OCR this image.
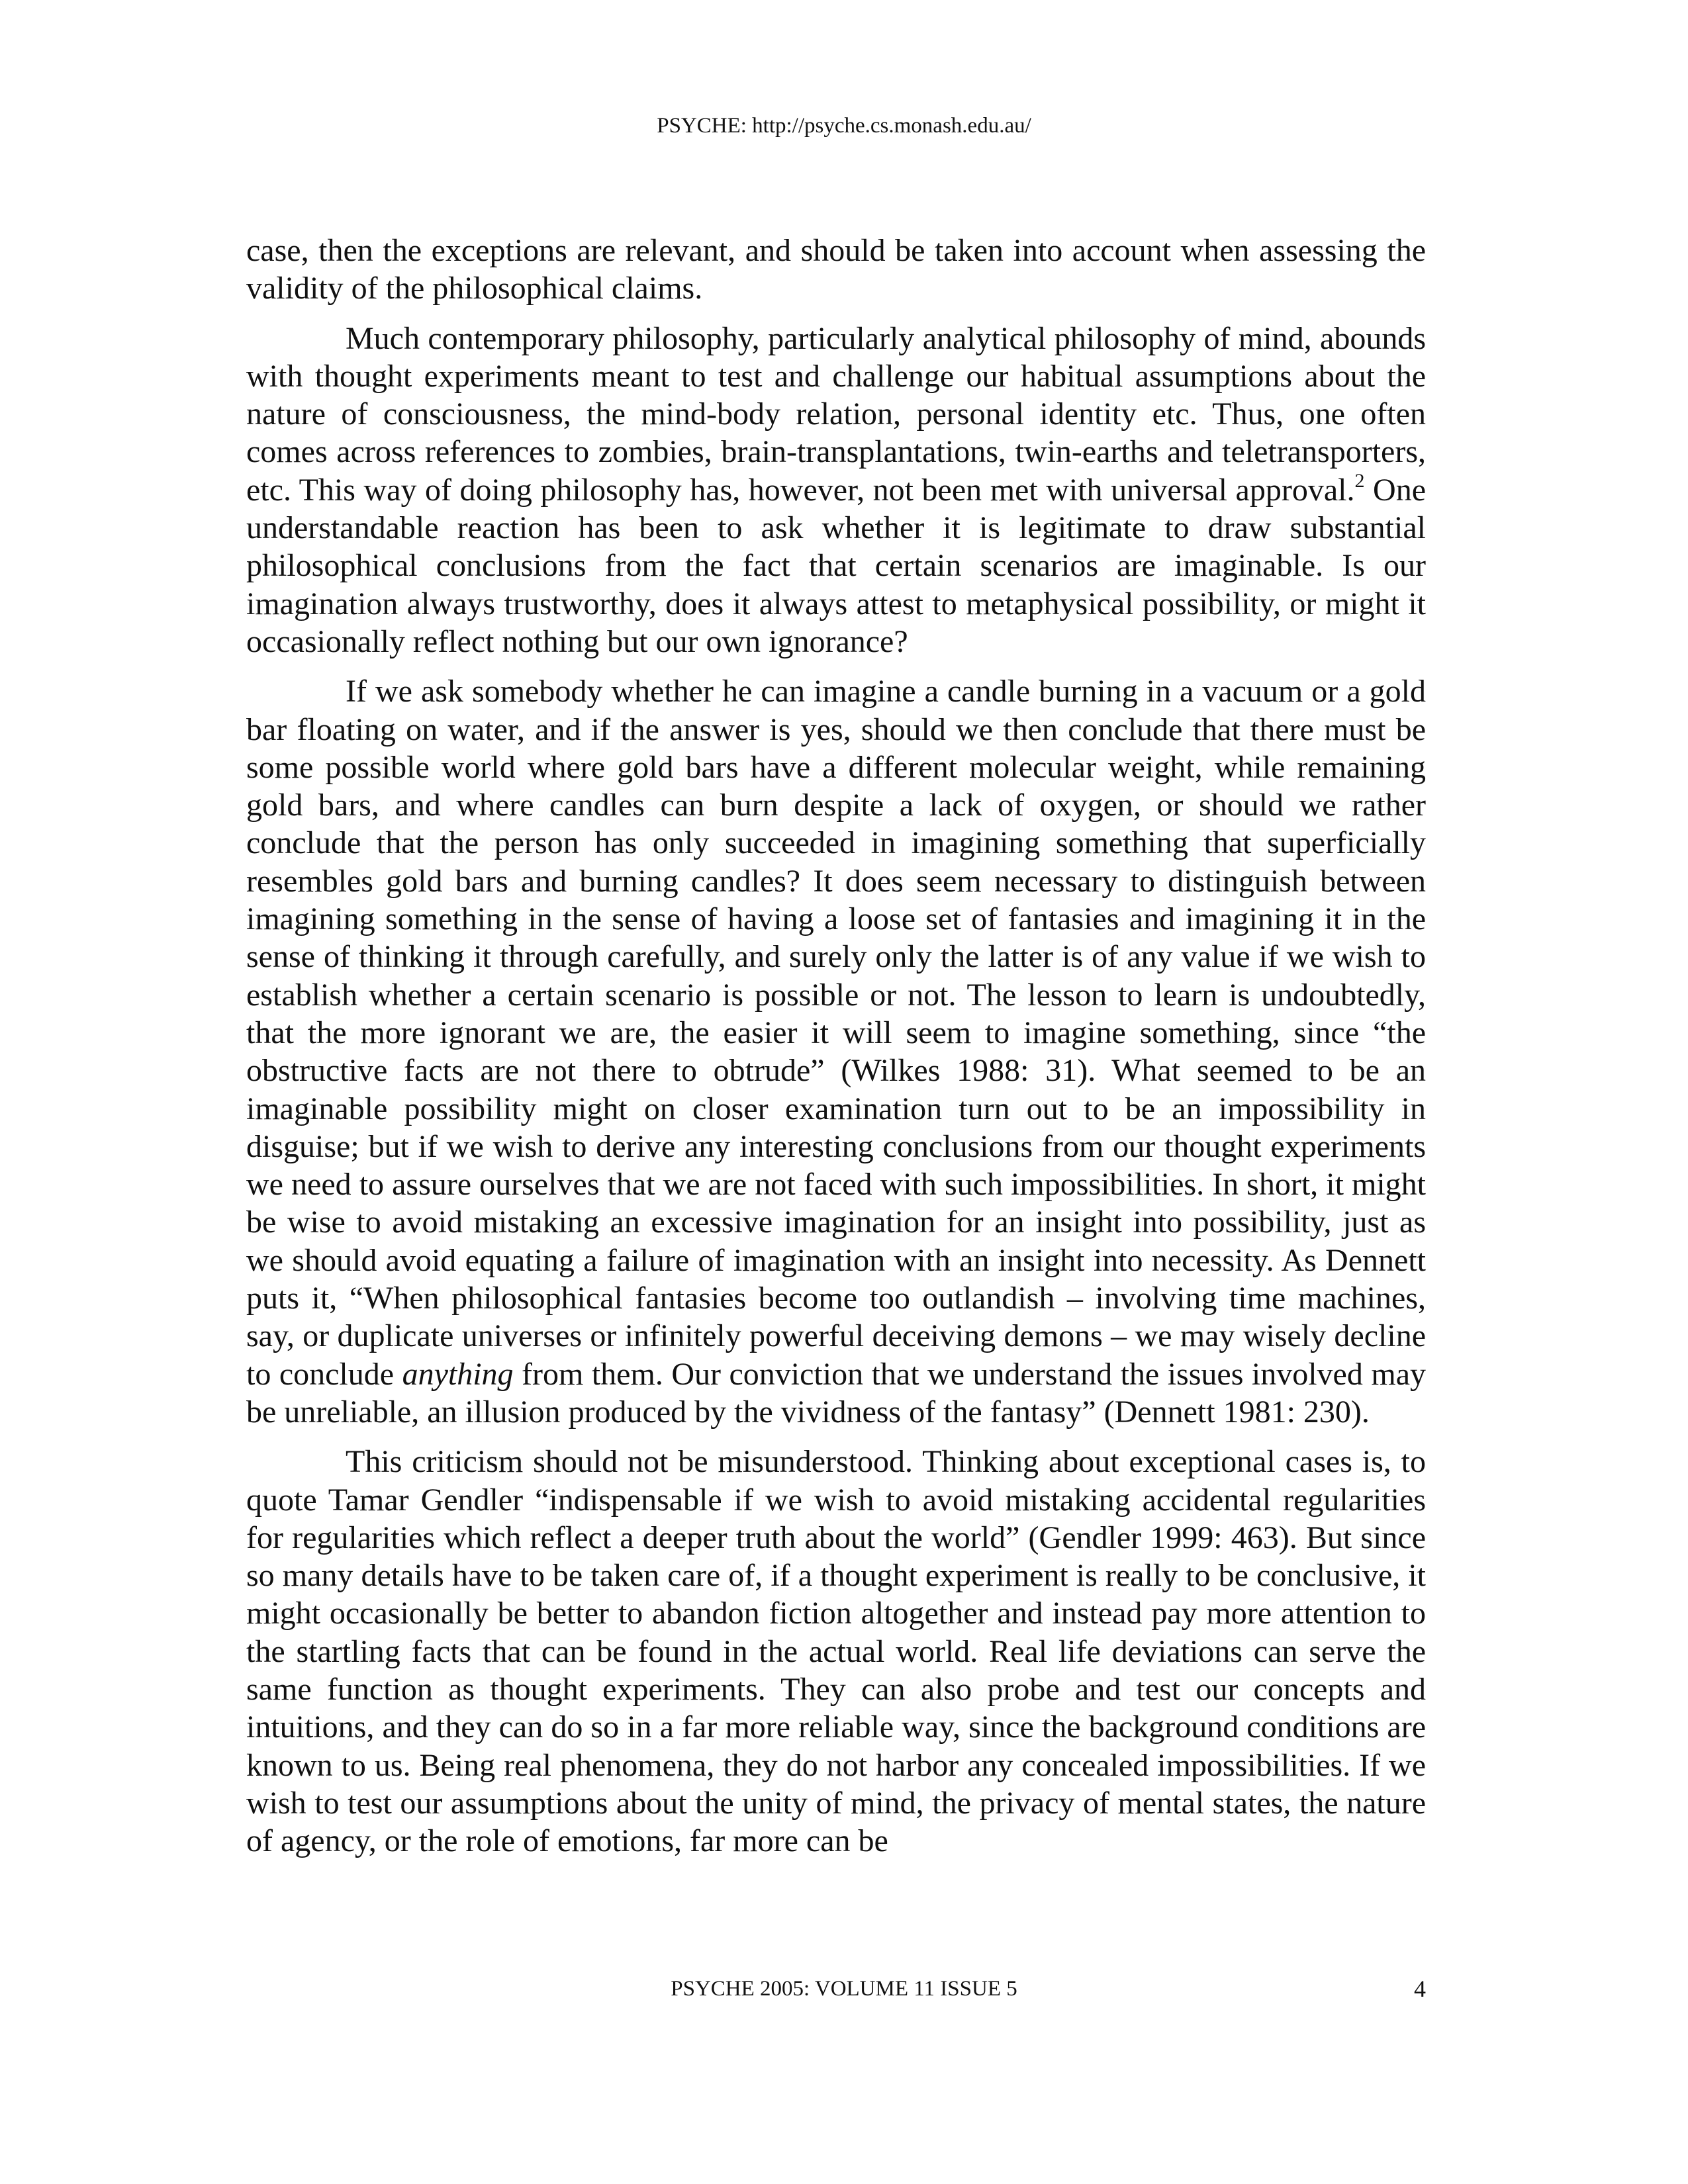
PSYCHE: http://psyche.cs.monash.edu.au/

case, then the exceptions are relevant, and should be taken into account when assessing the validity of the philosophical claims.

Much contemporary philosophy, particularly analytical philosophy of mind, abounds with thought experiments meant to test and challenge our habitual assumptions about the nature of consciousness, the mind-body relation, personal identity etc. Thus, one often comes across references to zombies, brain-transplantations, twin-earths and teletransporters, etc. This way of doing philosophy has, however, not been met with universal approval.$^2$ One understandable reaction has been to ask whether it is legitimate to draw substantial philosophical conclusions from the fact that certain scenarios are imaginable. Is our imagination always trustworthy, does it always attest to metaphysical possibility, or might it occasionally reflect nothing but our own ignorance?

If we ask somebody whether he can imagine a candle burning in a vacuum or a gold bar floating on water, and if the answer is yes, should we then conclude that there must be some possible world where gold bars have a different molecular weight, while remaining gold bars, and where candles can burn despite a lack of oxygen, or should we rather conclude that the person has only succeeded in imagining something that superficially resembles gold bars and burning candles? It does seem necessary to distinguish between imagining something in the sense of having a loose set of fantasies and imagining it in the sense of thinking it through carefully, and surely only the latter is of any value if we wish to establish whether a certain scenario is possible or not. The lesson to learn is undoubtedly, that the more ignorant we are, the easier it will seem to imagine something, since “the obstructive facts are not there to obtrude” (Wilkes 1988: 31). What seemed to be an imaginable possibility might on closer examination turn out to be an impossibility in disguise; but if we wish to derive any interesting conclusions from our thought experiments we need to assure ourselves that we are not faced with such impossibilities. In short, it might be wise to avoid mistaking an excessive imagination for an insight into possibility, just as we should avoid equating a failure of imagination with an insight into necessity. As Dennett puts it, “When philosophical fantasies become too outlandish – involving time machines, say, or duplicate universes or infinitely powerful deceiving demons – we may wisely decline to conclude anything from them. Our conviction that we understand the issues involved may be unreliable, an illusion produced by the vividness of the fantasy” (Dennett 1981: 230).

This criticism should not be misunderstood. Thinking about exceptional cases is, to quote Tamar Gendler “indispensable if we wish to avoid mistaking accidental regularities for regularities which reflect a deeper truth about the world” (Gendler 1999: 463). But since so many details have to be taken care of, if a thought experiment is really to be conclusive, it might occasionally be better to abandon fiction altogether and instead pay more attention to the startling facts that can be found in the actual world. Real life deviations can serve the same function as thought experiments. They can also probe and test our concepts and intuitions, and they can do so in a far more reliable way, since the background conditions are known to us. Being real phenomena, they do not harbor any concealed impossibilities. If we wish to test our assumptions about the unity of mind, the privacy of mental states, the nature of agency, or the role of emotions, far more can be

PSYCHE 2005: VOLUME 11 ISSUE 5	4
